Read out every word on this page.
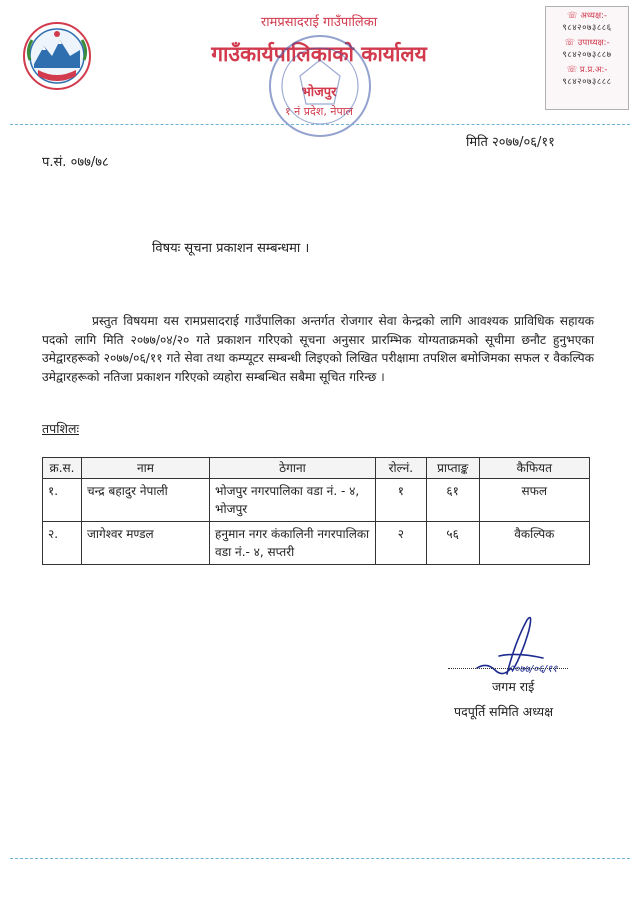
रामप्रसादराई गाउँपालिका
गाउँकार्यपालिकाको कार्यालय
भोजपुर
१ नं प्रदेश, नेपाल
☏ अध्यक्ष:-
९८४२०७३८८६
☏ उपाध्यक्ष:-
९८४२०७३८८७
☏ प्र.प्र.अ:-
९८४२०७३८८८
मिति २०७७/०६/११
प.सं. ०७७/७८
विषयः सूचना प्रकाशन सम्बन्धमा ।
प्रस्तुत विषयमा यस रामप्रसादराई गाउँपालिका अन्तर्गत रोजगार सेवा केन्द्रको लागि आवश्यक प्राविधिक सहायक पदको लागि मिति २०७७/०४/२० गते प्रकाशन गरिएको सूचना अनुसार प्रारम्भिक योग्यताक्रमको सूचीमा छनौट हुनुभएका उमेद्वारहरूको २०७७/०६/११ गते सेवा तथा कम्प्यूटर सम्बन्धी लिइएको लिखित परीक्षामा तपशिल बमोजिमका सफल र वैकल्पिक उमेद्वारहरूको नतिजा प्रकाशन गरिएको व्यहोरा सम्बन्धित सबैमा सूचित गरिन्छ ।
तपशिलः
क्र.स.	नाम	ठेगाना	रोल्नं.	प्राप्ताङ्क	कैफियत
१.	चन्द्र बहादुर नेपाली	भोजपुर नगरपालिका वडा नं. - ४, भोजपुर	१	६१	सफल
२.	जागेश्वर मण्डल	हनुमान नगर कंकालिनी नगरपालिका वडा नं.- ४, सप्तरी	२	५६	वैकल्पिक
२०७७/०६/११
जगम राई
पदपूर्ति समिति अध्यक्ष
